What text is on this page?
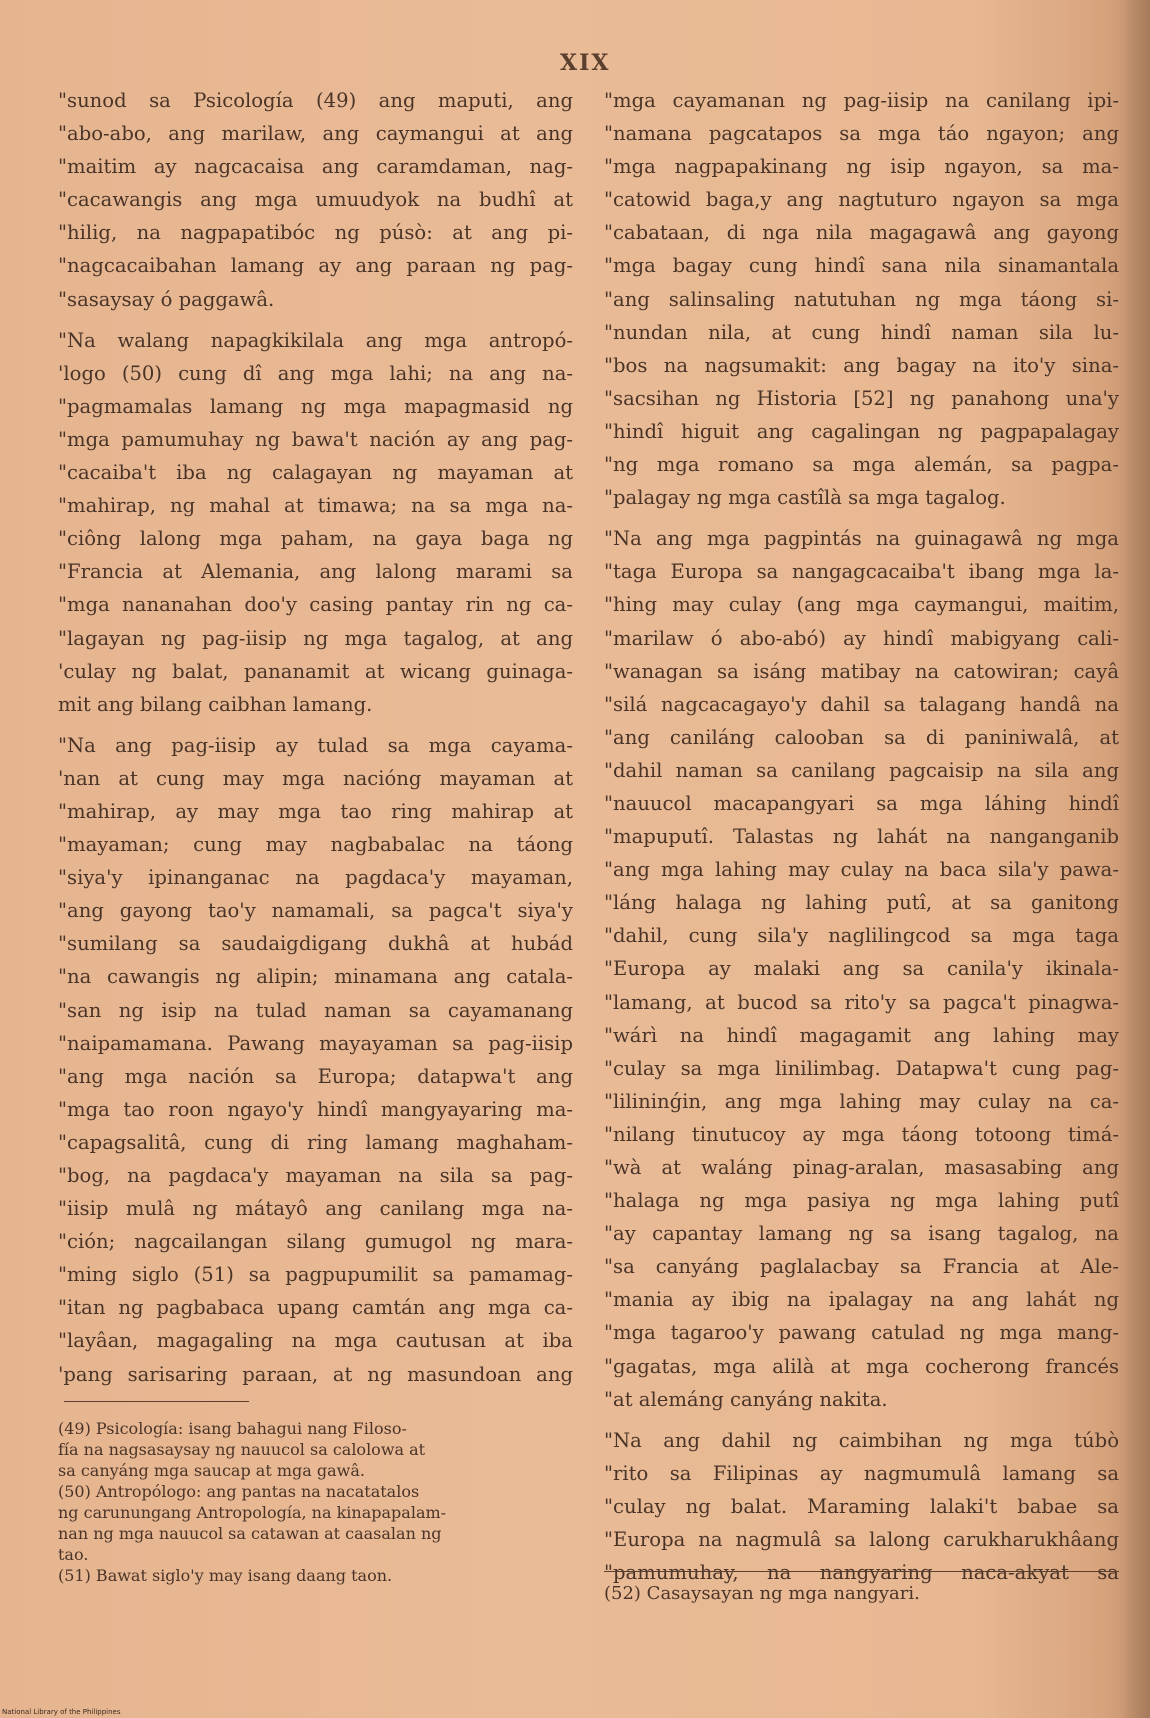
XIX
"sunod sa Psicología (49) ang maputi, ang
"abo-abo, ang marilaw, ang caymangui at ang
"maitim ay nagcacaisa ang caramdaman, nag-
"cacawangis ang mga umuudyok na budhî at
"hilig, na nagpapatibóc ng púsò: at ang pi-
"nagcacaibahan lamang ay ang paraan ng pag-
"sasaysay ó paggawâ.
"Na walang napagkikilala ang mga antropó-
'logo (50) cung dî ang mga lahi; na ang na-
"pagmamalas lamang ng mga mapagmasid ng
"mga pamumuhay ng bawa't nación ay ang pag-
"cacaiba't iba ng calagayan ng mayaman at
"mahirap, ng mahal at timawa; na sa mga na-
"ciông lalong mga paham, na gaya baga ng
"Francia at Alemania, ang lalong marami sa
"mga nananahan doo'y casing pantay rin ng ca-
"lagayan ng pag-iisip ng mga tagalog, at ang
'culay ng balat, pananamit at wicang guinaga-
mit ang bilang caibhan lamang.
"Na ang pag-iisip ay tulad sa mga cayama-
'nan at cung may mga nacióng mayaman at
"mahirap, ay may mga tao ring mahirap at
"mayaman; cung may nagbabalac na táong
"siya'y ipinanganac na pagdaca'y mayaman,
"ang gayong tao'y namamali, sa pagca't siya'y
"sumilang sa saudaigdigang dukhâ at hubád
"na cawangis ng alipin; minamana ang catala-
"san ng isip na tulad naman sa cayamanang
"naipamamana. Pawang mayayaman sa pag-iisip
"ang mga nación sa Europa; datapwa't ang
"mga tao roon ngayo'y hindî mangyayaring ma-
"capagsalitâ, cung di ring lamang maghaham-
"bog, na pagdaca'y mayaman na sila sa pag-
"iisip mulâ ng mátayô ang canilang mga na-
"ción; nagcailangan silang gumugol ng mara-
"ming siglo (51) sa pagpupumilit sa pamamag-
"itan ng pagbabaca upang camtán ang mga ca-
"layâan, magagaling na mga cautusan at iba
'pang sarisaring paraan, at ng masundoan ang
"mga cayamanan ng pag-iisip na canilang ipi-
"namana pagcatapos sa mga táo ngayon; ang
"mga nagpapakinang ng isip ngayon, sa ma-
"catowid baga,y ang nagtuturo ngayon sa mga
"cabataan, di nga nila magagawâ ang gayong
"mga bagay cung hindî sana nila sinamantala
"ang salinsaling natutuhan ng mga táong si-
"nundan nila, at cung hindî naman sila lu-
"bos na nagsumakit: ang bagay na ito'y sina-
"sacsihan ng Historia [52] ng panahong una'y
"hindî higuit ang cagalingan ng pagpapalagay
"ng mga romano sa mga alemán, sa pagpa-
"palagay ng mga castîlà sa mga tagalog.
"Na ang mga pagpintás na guinagawâ ng mga
"taga Europa sa nangagcacaiba't ibang mga la-
"hing may culay (ang mga caymangui, maitim,
"marilaw ó abo-abó) ay hindî mabigyang cali-
"wanagan sa isáng matibay na catowiran; cayâ
"silá nagcacagayo'y dahil sa talagang handâ na
"ang caniláng calooban sa di paniniwalâ, at
"dahil naman sa canilang pagcaisip na sila ang
"nauucol macapangyari sa mga láhing hindî
"mapuputî. Talastas ng lahát na nanganganib
"ang mga lahing may culay na baca sila'y pawa-
"láng halaga ng lahing putî, at sa ganitong
"dahil, cung sila'y naglilingcod sa mga taga
"Europa ay malaki ang sa canila'y ikinala-
"lamang, at bucod sa rito'y sa pagca't pinagwa-
"wárì na hindî magagamit ang lahing may
"culay sa mga linilimbag. Datapwa't cung pag-
"lilininǵin, ang mga lahing may culay na ca-
"nilang tinutucoy ay mga táong totoong timá-
"wà at waláng pinag-aralan, masasabing ang
"halaga ng mga pasiya ng mga lahing putî
"ay capantay lamang ng sa isang tagalog, na
"sa canyáng paglalacbay sa Francia at Ale-
"mania ay ibig na ipalagay na ang lahát ng
"mga tagaroo'y pawang catulad ng mga mang-
"gagatas, mga alilà at mga cocherong francés
"at alemáng canyáng nakita.
"Na ang dahil ng caimbihan ng mga túbò
"rito sa Filipinas ay nagmumulâ lamang sa
"culay ng balat. Maraming lalaki't babae sa
"Europa na nagmulâ sa lalong carukharukhâang
"pamumuhay, na nangyaring naca-akyat sa
(49) Psicología: isang bahagui nang Filoso-
fía na nagsasaysay ng nauucol sa calolowa at
sa canyáng mga saucap at mga gawâ.
(50) Antropólogo: ang pantas na nacatatalos
ng carunungang Antropología, na kinapapalam-
nan ng mga nauucol sa catawan at caasalan ng
tao.
(51) Bawat siglo'y may isang daang taon.
(52) Casaysayan ng mga nangyari.
National Library of the Philippines
